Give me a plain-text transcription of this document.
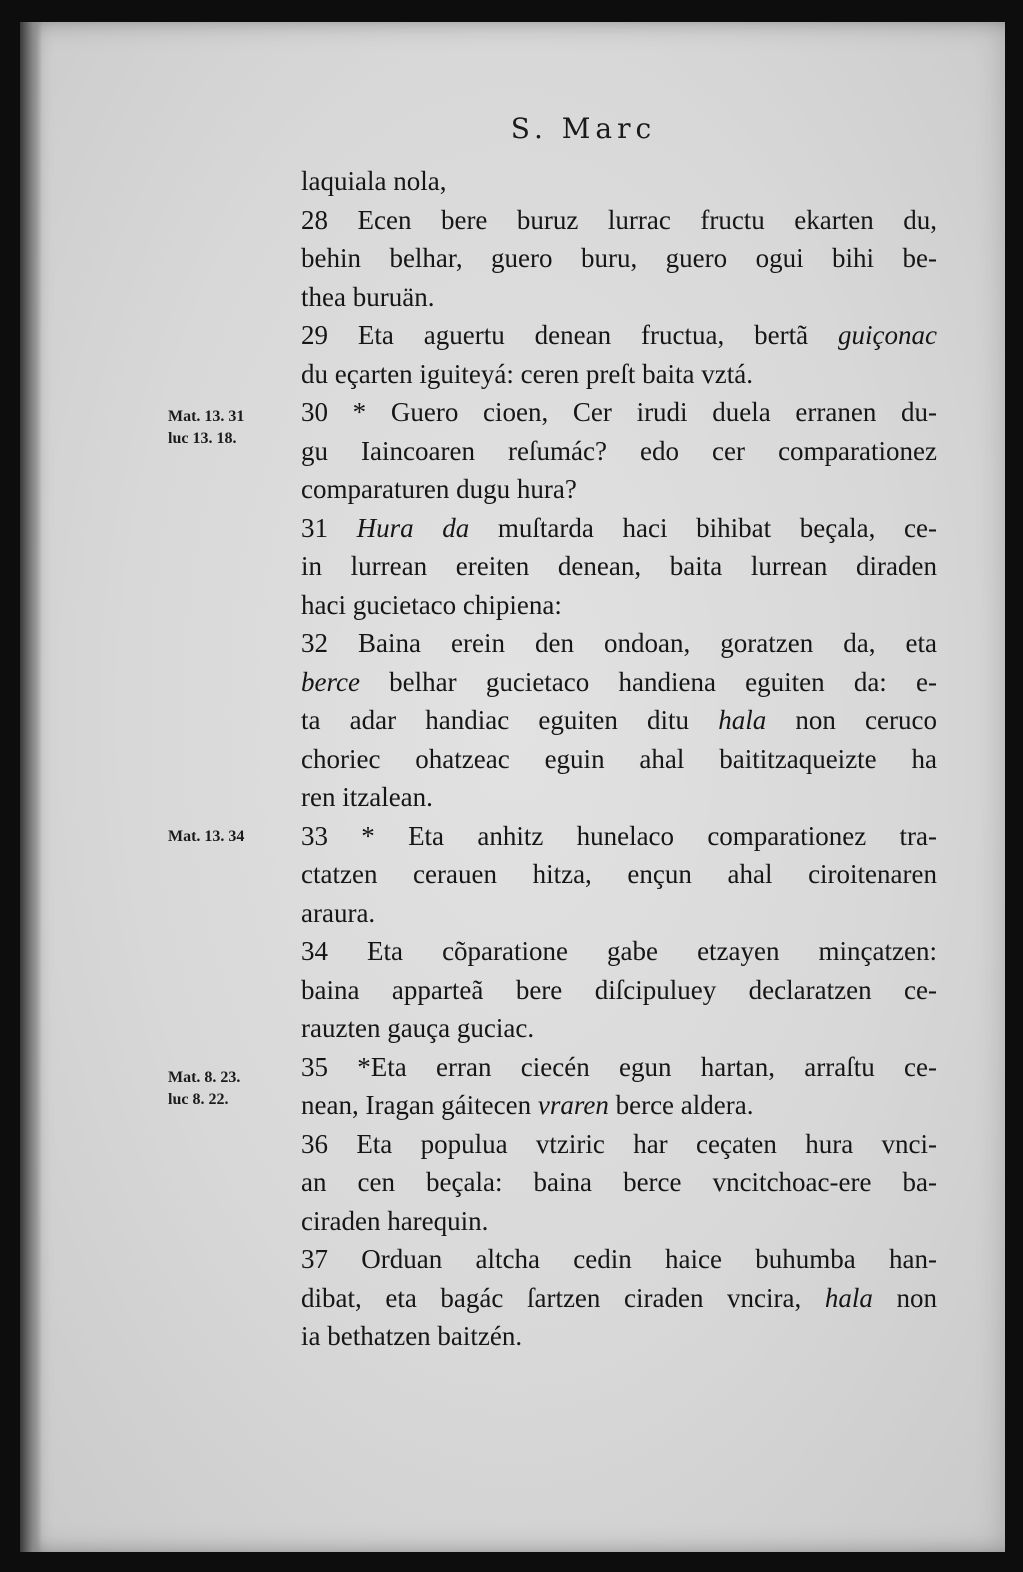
S. Marc
laquiala nola,
28 Ecen bere buruz lurrac fructu ekarten du,
behin belhar, guero buru, guero ogui bihi be-
thea buruän.
29 Eta aguertu denean fructua, bertã guiçonac
du eçarten iguiteyá: ceren preſt baita vztá.
30 * Guero cioen, Cer irudi duela erranen du-
gu Iaincoaren reſumác? edo cer comparationez
comparaturen dugu hura?
31 Hura da muſtarda haci bihibat beçala, ce-
in lurrean ereiten denean, baita lurrean diraden
haci gucietaco chipiena:
32 Baina erein den ondoan, goratzen da, eta
berce belhar gucietaco handiena eguiten da: e-
ta adar handiac eguiten ditu hala non ceruco
choriec ohatzeac eguin ahal baititzaqueizte ha
ren itzalean.
33 * Eta anhitz hunelaco comparationez tra-
ctatzen cerauen hitza, ençun ahal ciroitenaren
araura.
34 Eta cõparatione gabe etzayen minçatzen:
baina apparteã bere diſcipuluey declaratzen ce-
rauzten gauça guciac.
35 *Eta erran ciecén egun hartan, arraſtu ce-
nean, Iragan gáitecen vraren berce aldera.
36 Eta populua vtziric har ceçaten hura vnci-
an cen beçala: baina berce vncitchoac-ere ba-
ciraden harequin.
37 Orduan altcha cedin haice buhumba han-
dibat, eta bagác ſartzen ciraden vncira, hala non
ia bethatzen baitzén.
Mat. 13. 31
luc 13. 18.
Mat. 13. 34
Mat. 8. 23.
luc 8. 22.
